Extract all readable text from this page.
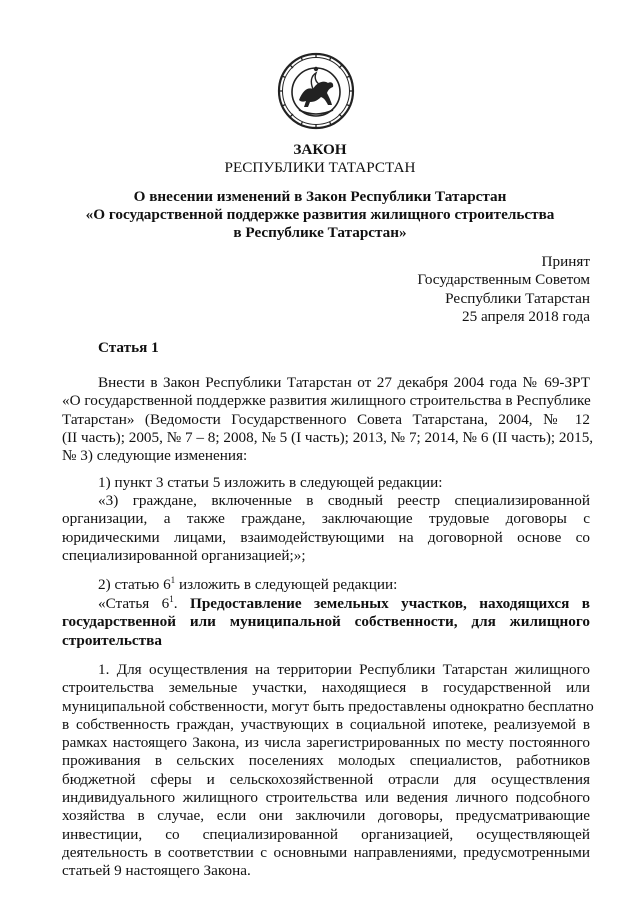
ЗАКОН
РЕСПУБЛИКИ ТАТАРСТАН
О внесении изменений в Закон Республики Татарстан
«О государственной поддержке развития жилищного строительства
в Республике Татарстан»
Принят
Государственным Советом
Республики Татарстан
25 апреля 2018 года
Статья 1
Внести в Закон Республики Татарстан от 27 декабря 2004 года № 69-ЗРТ
«О государственной поддержке развития жилищного строительства в Республике
Татарстан» (Ведомости Государственного Совета Татарстана, 2004, № 12
(II часть); 2005, № 7 – 8; 2008, № 5 (I часть); 2013, № 7; 2014, № 6 (II часть); 2015,
№ 3) следующие изменения:
1) пункт 3 статьи 5 изложить в следующей редакции:
«3) граждане, включенные в сводный реестр специализированной
организации, а также граждане, заключающие трудовые договоры с
юридическими лицами, взаимодействующими на договорной основе со
специализированной организацией;»;
2) статью $6^1$ изложить в следующей редакции:
«Статья $6^1$. Предоставление земельных участков, находящихся в
государственной или муниципальной собственности, для жилищного
строительства
1. Для осуществления на территории Республики Татарстан жилищного
строительства земельные участки, находящиеся в государственной или
муниципальной собственности, могут быть предоставлены однократно бесплатно
в собственность граждан, участвующих в социальной ипотеке, реализуемой в
рамках настоящего Закона, из числа зарегистрированных по месту постоянного
проживания в сельских поселениях молодых специалистов, работников
бюджетной сферы и сельскохозяйственной отрасли для осуществления
индивидуального жилищного строительства или ведения личного подсобного
хозяйства в случае, если они заключили договоры, предусматривающие
инвестиции, со специализированной организацией, осуществляющей
деятельность в соответствии с основными направлениями, предусмотренными
статьей 9 настоящего Закона.
